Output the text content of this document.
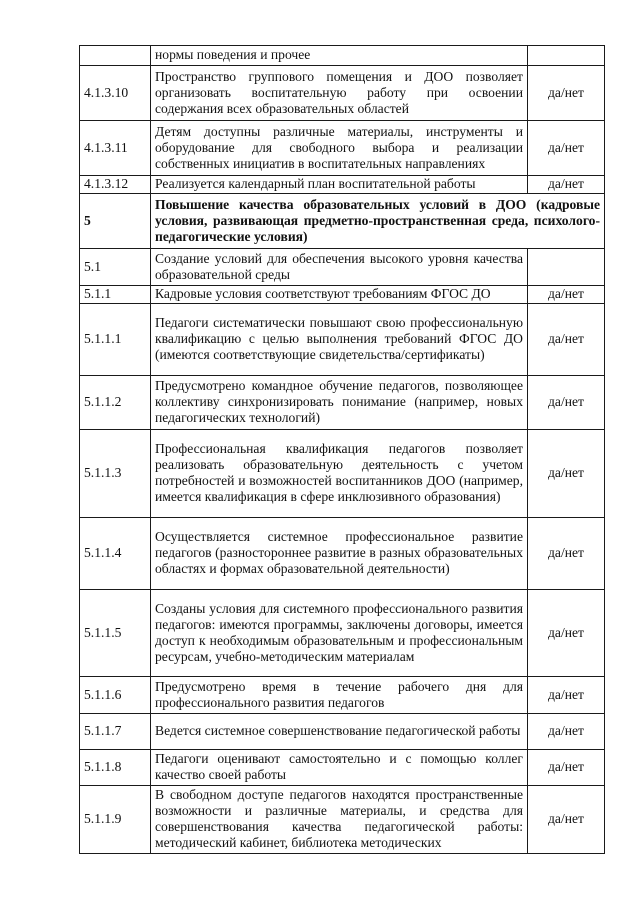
	нормы поведения и прочее	
4.1.3.10	Пространство группового помещения и ДОО позволяет организовать воспитательную работу при освоении содержания всех образовательных областей	да/нет
4.1.3.11	Детям доступны различные материалы, инструменты и оборудование для свободного выбора и реализации собственных инициатив в воспитательных направлениях	да/нет
4.1.3.12	Реализуется календарный план воспитательной работы	да/нет
5	Повышение качества образовательных условий в ДОО (кадровые условия, развивающая предметно-пространственная среда, психолого-педагогические условия)	
5.1	Создание условий для обеспечения высокого уровня качества образовательной среды	
5.1.1	Кадровые условия соответствуют требованиям ФГОС ДО	да/нет
5.1.1.1	Педагоги систематически повышают свою профессиональную квалификацию с целью выполнения требований ФГОС ДО (имеются соответствующие свидетельства/сертификаты)	да/нет
5.1.1.2	Предусмотрено командное обучение педагогов, позволяющее коллективу синхронизировать понимание (например, новых педагогических технологий)	да/нет
5.1.1.3	Профессиональная квалификация педагогов позволяет реализовать образовательную деятельность с учетом потребностей и возможностей воспитанников ДОО (например, имеется квалификация в сфере инклюзивного образования)	да/нет
5.1.1.4	Осуществляется системное профессиональное развитие педагогов (разностороннее развитие в разных образовательных областях и формах образовательной деятельности)	да/нет
5.1.1.5	Созданы условия для системного профессионального развития педагогов: имеются программы, заключены договоры, имеется доступ к необходимым образовательным и профессиональным ресурсам, учебно-методическим материалам	да/нет
5.1.1.6	Предусмотрено время в течение рабочего дня для профессионального развития педагогов	да/нет
5.1.1.7	Ведется системное совершенствование педагогической работы	да/нет
5.1.1.8	Педагоги оценивают самостоятельно и с помощью коллег качество своей работы	да/нет
5.1.1.9	В свободном доступе педагогов находятся пространственные возможности и различные материалы, и средства для совершенствования качества педагогической работы: методический кабинет, библиотека методических	да/нет
